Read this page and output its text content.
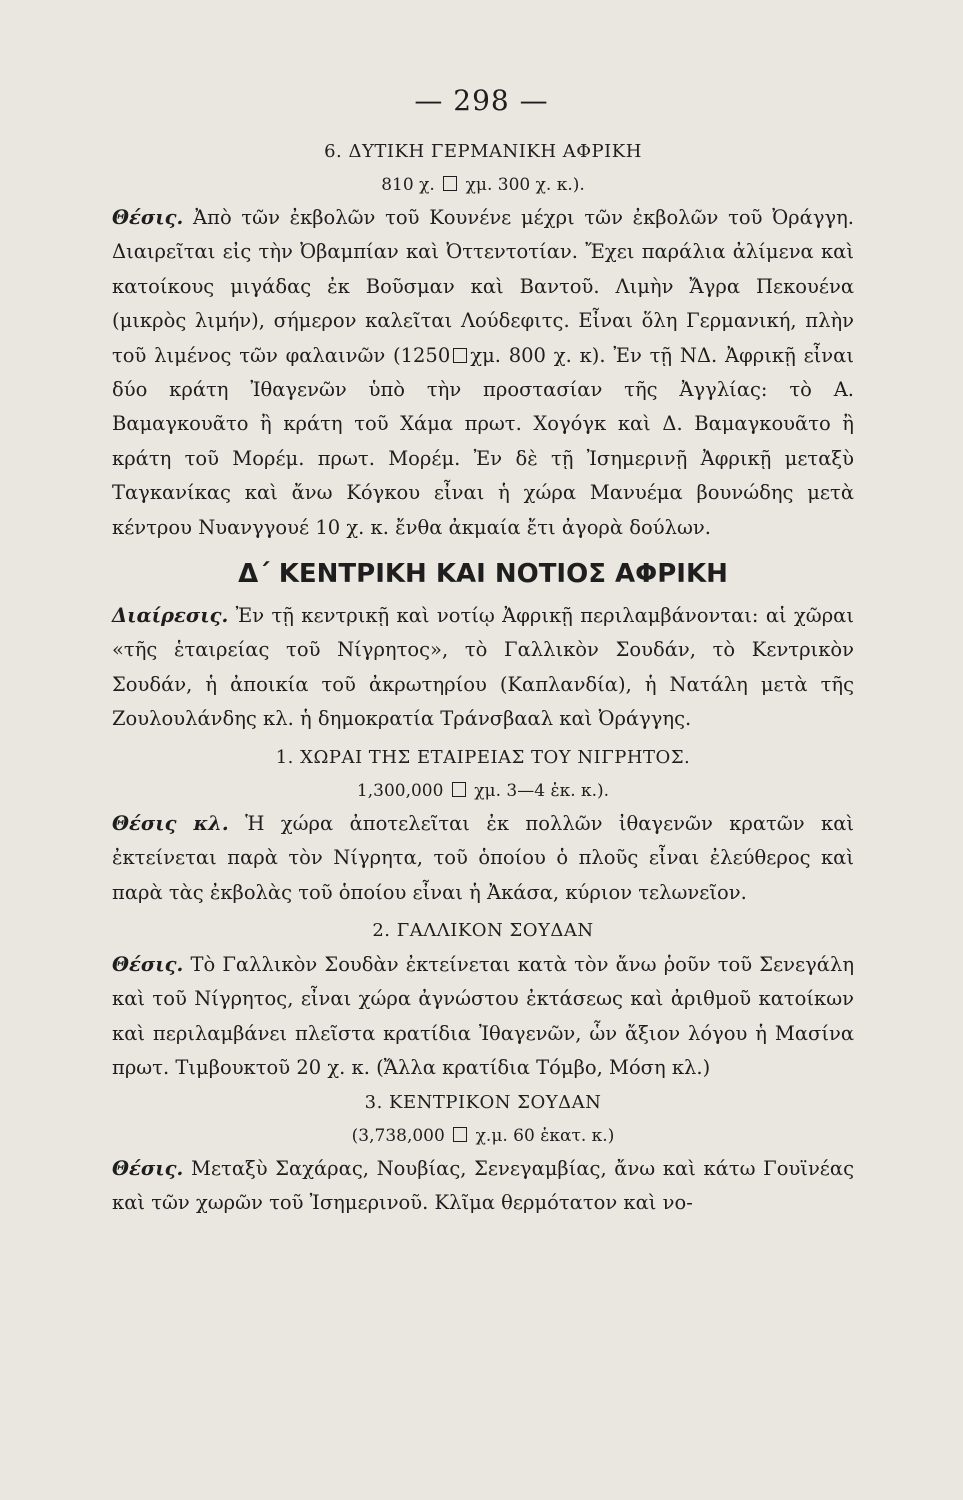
— 298 —
6. ΔΥΤΙΚΗ ΓΕΡΜΑΝΙΚΗ ΑΦΡΙΚΗ
810 χ. χμ. 300 χ. κ.).

Θέσις. Ἀπὸ τῶν ἐκβολῶν τοῦ Κουνένε μέχρι τῶν ἐκβολῶν τοῦ Ὀράγγη. Διαιρεῖται εἰς τὴν Ὀβαμπίαν καὶ Ὀττεντοτίαν. Ἔχει παράλια ἀλίμενα καὶ κατοίκους μιγάδας ἐκ Βοῦσμαν καὶ Βαντοῦ. Λιμὴν Ἄγρα Πεκουένα (μικρὸς λιμήν), σήμερον καλεῖται Λούδεφιτς. Εἶναι ὅλη Γερμανική, πλὴν τοῦ λιμένος τῶν φαλαινῶν (1250 χμ. 800 χ. κ). Ἐν τῇ ΝΔ. Ἀφρικῇ εἶναι δύο κράτη Ἰθαγενῶν ὑπὸ τὴν προστασίαν τῆς Ἀγγλίας: τὸ Α. Βαμαγκουᾶτο ἢ κράτη τοῦ Χάμα πρωτ. Χογόγκ καὶ Δ. Βαμαγκουᾶτο ἢ κράτη τοῦ Μορέμ. πρωτ. Μορέμ. Ἐν δὲ τῇ Ἰσημερινῇ Ἀφρικῇ μεταξὺ Ταγκανίκας καὶ ἄνω Κόγκου εἶναι ἡ χώρα Μανυέμα βουνώδης μετὰ κέντρου Νυανγγουέ 10 χ. κ. ἔνθα ἀκμαία ἔτι ἀγορὰ δούλων.

Δ΄ ΚΕΝΤΡΙΚΗ ΚΑΙ ΝΟΤΙΟΣ ΑΦΡΙΚΗ

Διαίρεσις. Ἐν τῇ κεντρικῇ καὶ νοτίῳ Ἀφρικῇ περιλαμβάνονται: αἱ χῶραι «τῆς ἑταιρείας τοῦ Νίγρητος», τὸ Γαλλικὸν Σουδάν, τὸ Κεντρικὸν Σουδάν, ἡ ἀποικία τοῦ ἀκρωτηρίου (Καπλανδία), ἡ Νατάλη μετὰ τῆς Ζουλουλάνδης κλ. ἡ δημοκρατία Τράνσβααλ καὶ Ὀράγγης.

1. ΧΩΡΑΙ ΤΗΣ ΕΤΑΙΡΕΙΑΣ ΤΟΥ ΝΙΓΡΗΤΟΣ.
1,300,000 χμ. 3—4 ἑκ. κ.).

Θέσις κλ. Ἡ χώρα ἀποτελεῖται ἐκ πολλῶν ἰθαγενῶν κρατῶν καὶ ἐκτείνεται παρὰ τὸν Νίγρητα, τοῦ ὁποίου ὁ πλοῦς εἶναι ἐλεύθερος καὶ παρὰ τὰς ἐκβολὰς τοῦ ὁποίου εἶναι ἡ Ἀκάσα, κύριον τελωνεῖον.

2. ΓΑΛΛΙΚΟΝ ΣΟΥΔΑΝ

Θέσις. Τὸ Γαλλικὸν Σουδὰν ἐκτείνεται κατὰ τὸν ἄνω ῥοῦν τοῦ Σενεγάλη καὶ τοῦ Νίγρητος, εἶναι χώρα ἀγνώστου ἐκτάσεως καὶ ἀριθμοῦ κατοίκων καὶ περιλαμβάνει πλεῖστα κρατίδια Ἰθαγενῶν, ὧν ἄξιον λόγου ἡ Μασίνα πρωτ. Τιμβουκτοῦ 20 χ. κ. (Ἄλλα κρατίδια Τόμβο, Μόση κλ.)

3. ΚΕΝΤΡΙΚΟΝ ΣΟΥΔΑΝ
(3,738,000 χ.μ. 60 ἑκατ. κ.)

Θέσις. Μεταξὺ Σαχάρας, Νουβίας, Σενεγαμβίας, ἄνω καὶ κάτω Γουϊνέας καὶ τῶν χωρῶν τοῦ Ἰσημερινοῦ. Κλῖμα θερμότατον καὶ νο-
